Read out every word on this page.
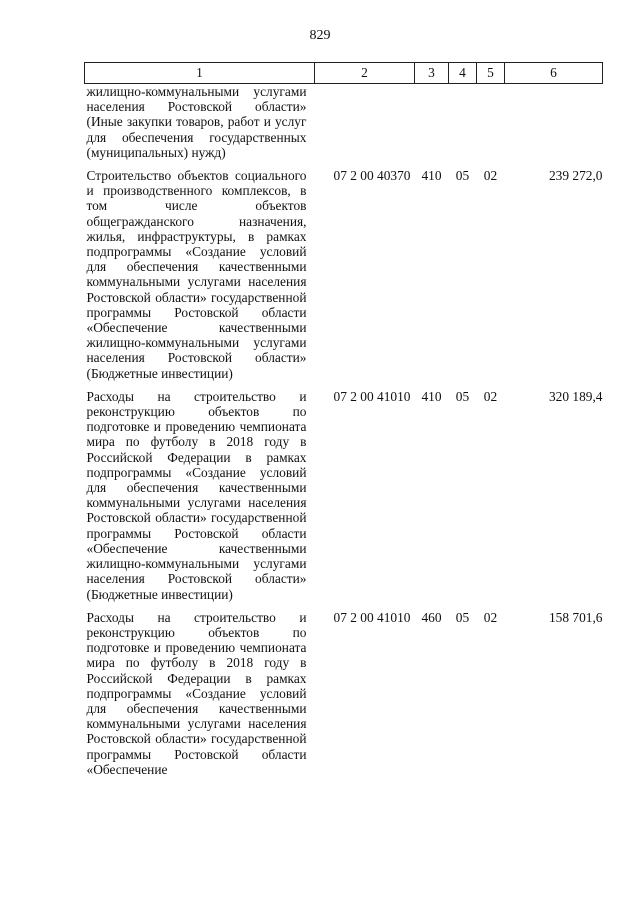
829
1	2	3	4	5	6
жилищно-коммунальными услугами населения Ростовской области» (Иные закупки товаров, работ и услуг для обеспечения государственных (муниципальных) нужд)					

Строительство объектов социального и производственного комплексов, в том числе объектов общегражданского назначения, жилья, инфраструктуры, в рамках подпрограммы «Создание условий для обеспечения качественными коммунальными услугами населения Ростовской области» государственной программы Ростовской области «Обеспечение качественными жилищно-коммунальными услугами населения Ростовской области» (Бюджетные инвестиции)	07 2 00 40370	410	05	02	239 272,0

Расходы на строительство и реконструкцию объектов по подготовке и проведению чемпионата мира по футболу в 2018 году в Российской Федерации в рамках подпрограммы «Создание условий для обеспечения качественными коммунальными услугами населения Ростовской области» государственной программы Ростовской области «Обеспечение качественными жилищно-коммунальными услугами населения Ростовской области» (Бюджетные инвестиции)	07 2 00 41010	410	05	02	320 189,4

Расходы на строительство и реконструкцию объектов по подготовке и проведению чемпионата мира по футболу в 2018 году в Российской Федерации в рамках подпрограммы «Создание условий для обеспечения качественными коммунальными услугами населения Ростовской области» государственной программы Ростовской области «Обеспечение	07 2 00 41010	460	05	02	158 701,6
